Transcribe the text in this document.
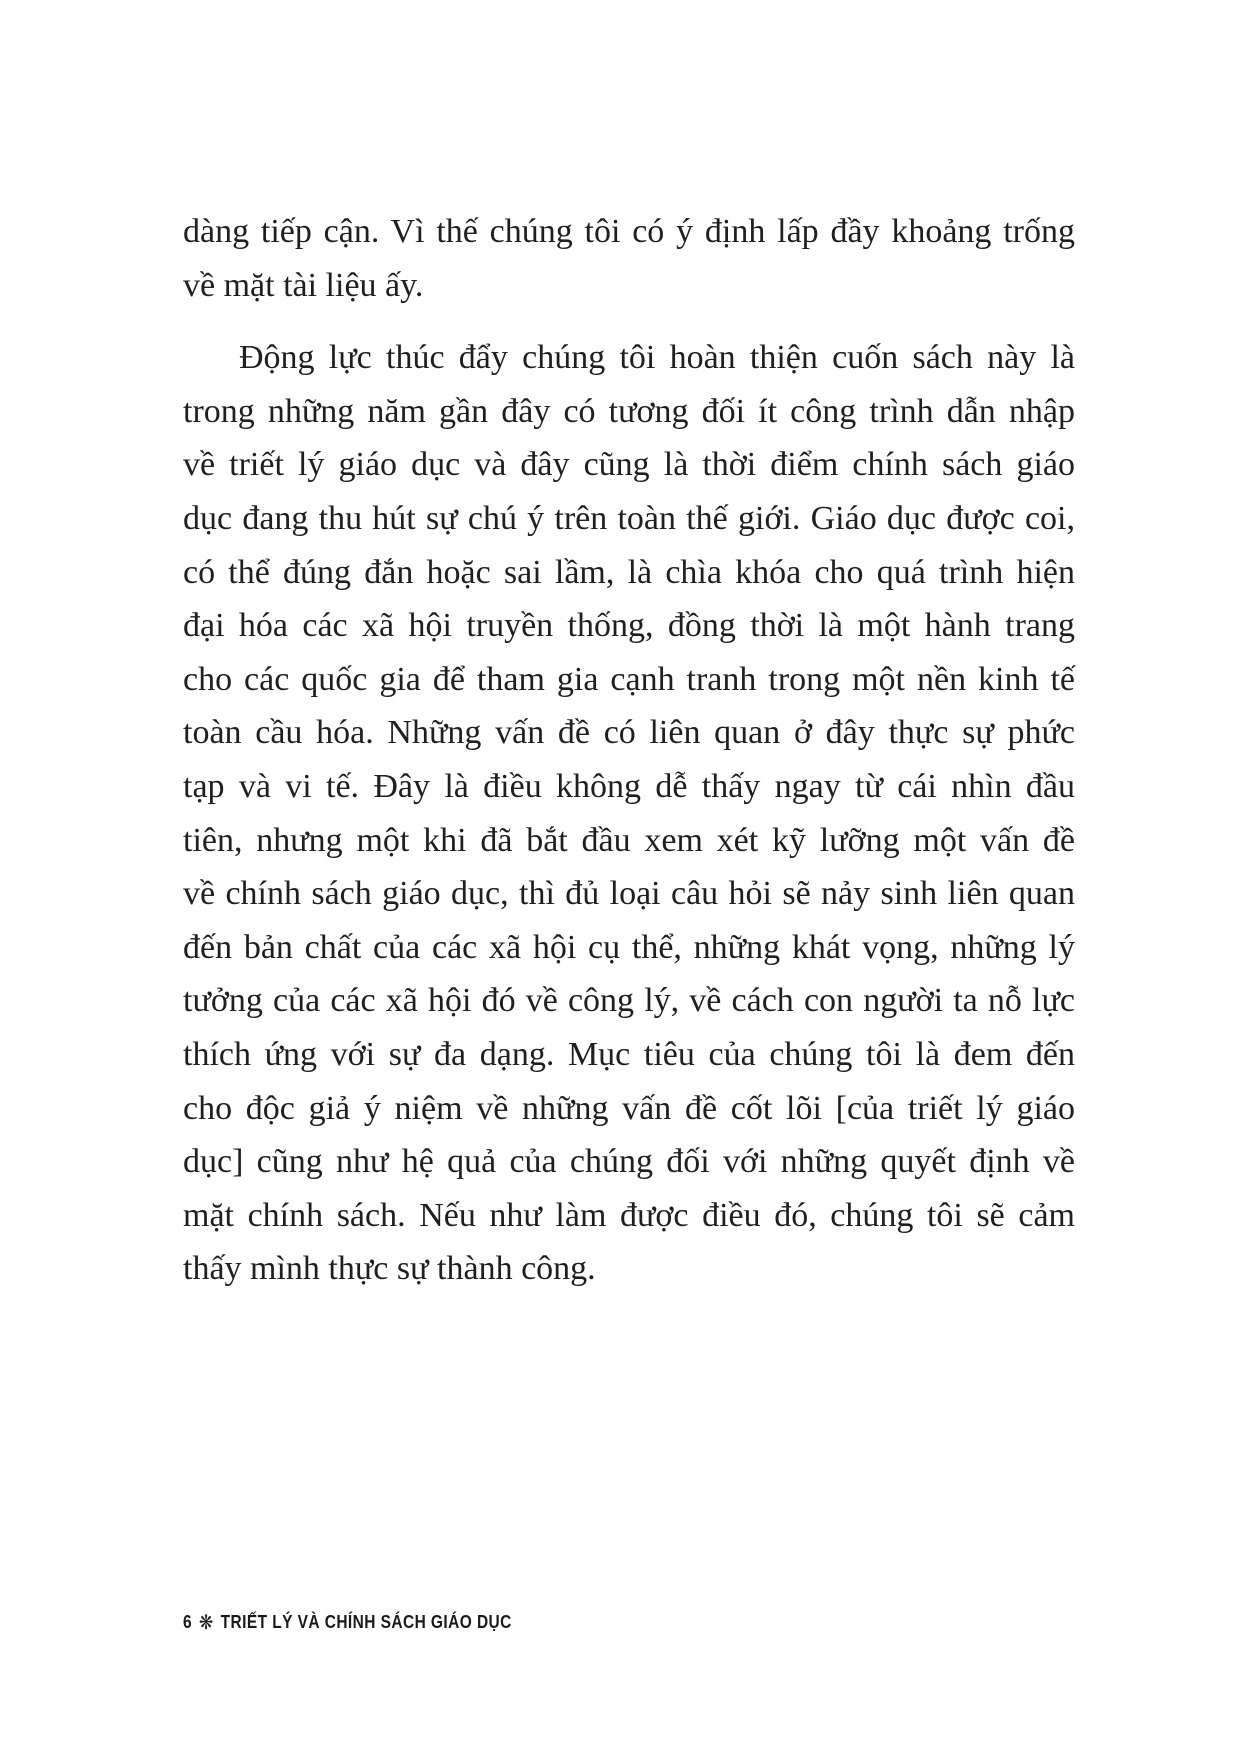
dàng tiếp cận. Vì thế chúng tôi có ý định lấp đầy khoảng trống
về mặt tài liệu ấy.
Động lực thúc đẩy chúng tôi hoàn thiện cuốn sách này là
trong những năm gần đây có tương đối ít công trình dẫn nhập
về triết lý giáo dục và đây cũng là thời điểm chính sách giáo
dục đang thu hút sự chú ý trên toàn thế giới. Giáo dục được coi,
có thể đúng đắn hoặc sai lầm, là chìa khóa cho quá trình hiện
đại hóa các xã hội truyền thống, đồng thời là một hành trang
cho các quốc gia để tham gia cạnh tranh trong một nền kinh tế
toàn cầu hóa. Những vấn đề có liên quan ở đây thực sự phức
tạp và vi tế. Đây là điều không dễ thấy ngay từ cái nhìn đầu
tiên, nhưng một khi đã bắt đầu xem xét kỹ lưỡng một vấn đề
về chính sách giáo dục, thì đủ loại câu hỏi sẽ nảy sinh liên quan
đến bản chất của các xã hội cụ thể, những khát vọng, những lý
tưởng của các xã hội đó về công lý, về cách con người ta nỗ lực
thích ứng với sự đa dạng. Mục tiêu của chúng tôi là đem đến
cho độc giả ý niệm về những vấn đề cốt lõi [của triết lý giáo
dục] cũng như hệ quả của chúng đối với những quyết định về
mặt chính sách. Nếu như làm được điều đó, chúng tôi sẽ cảm
thấy mình thực sự thành công.
6 ❋ TRIẾT LÝ VÀ CHÍNH SÁCH GIÁO DỤC
